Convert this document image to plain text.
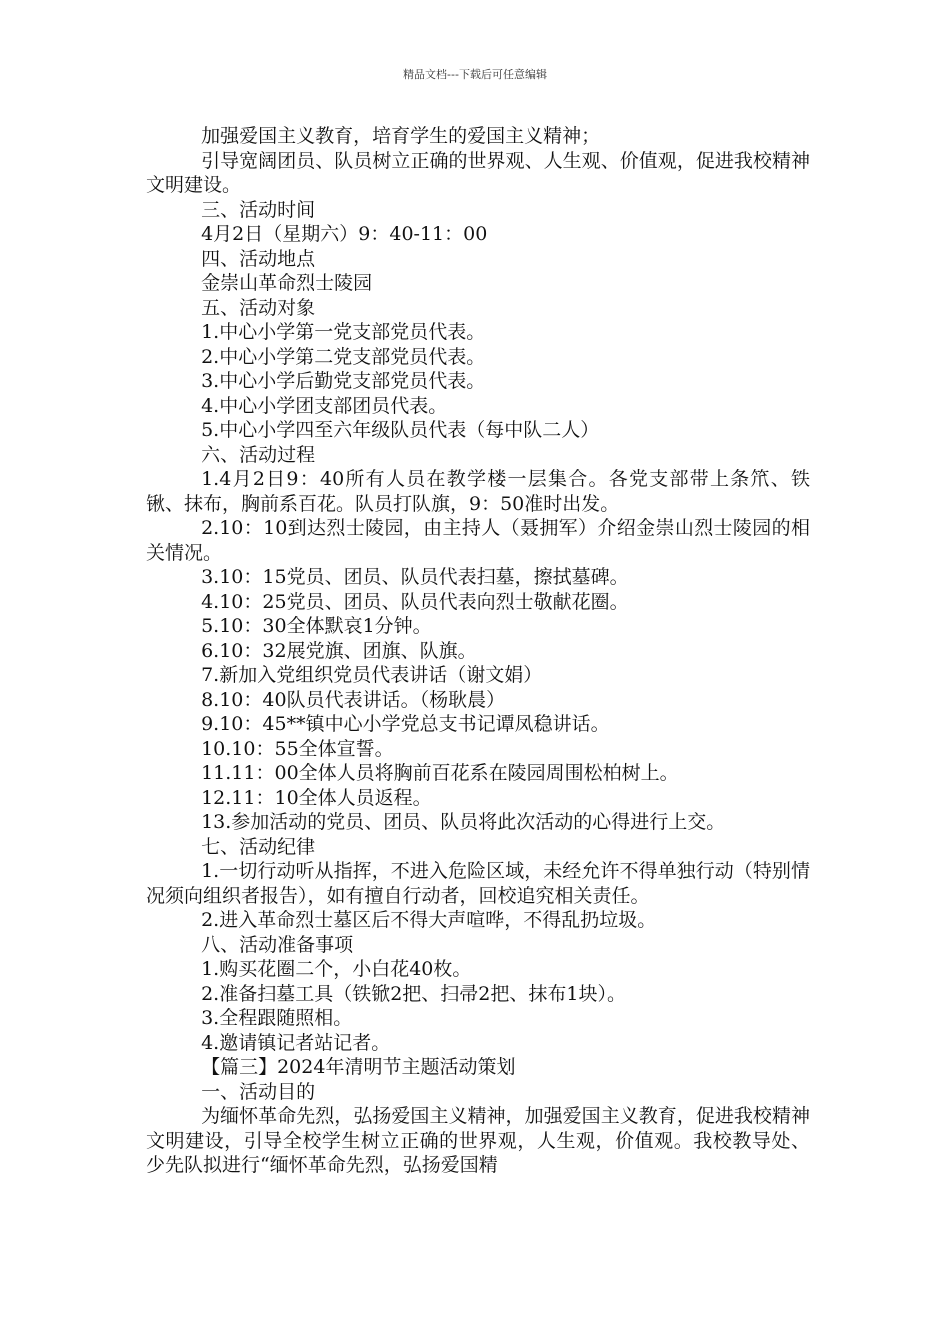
精品文档---下载后可任意编辑

加强爱国主义教育，培育学生的爱国主义精神；

引导宽阔团员、队员树立正确的世界观、人生观、价值观，促进我校精神文明建设。

三、活动时间

4月2日（星期六）9：40-11：00

四、活动地点

金崇山革命烈士陵园

五、活动对象

1.中心小学第一党支部党员代表。

2.中心小学第二党支部党员代表。

3.中心小学后勤党支部党员代表。

4.中心小学团支部团员代表。

5.中心小学四至六年级队员代表（每中队二人）

六、活动过程

1.4月2日9：40所有人员在教学楼一层集合。各党支部带上条笊、铁锹、抹布，胸前系百花。队员打队旗，9：50准时出发。

2.10：10到达烈士陵园，由主持人（聂拥军）介绍金崇山烈士陵园的相关情况。

3.10：15党员、团员、队员代表扫墓，擦拭墓碑。

4.10：25党员、团员、队员代表向烈士敬献花圈。

5.10：30全体默哀1分钟。

6.10：32展党旗、团旗、队旗。

7.新加入党组织党员代表讲话（谢文娟）

8.10：40队员代表讲话。（杨耿晨）

9.10：45**镇中心小学党总支书记谭凤稳讲话。

10.10：55全体宣誓。

11.11：00全体人员将胸前百花系在陵园周围松柏树上。

12.11：10全体人员返程。

13.参加活动的党员、团员、队员将此次活动的心得进行上交。

七、活动纪律

1.一切行动听从指挥，不进入危险区域，未经允许不得单独行动（特别情况须向组织者报告），如有擅自行动者，回校追究相关责任。

2.进入革命烈士墓区后不得大声喧哗，不得乱扔垃圾。

八、活动准备事项

1.购买花圈二个，小白花40枚。

2.准备扫墓工具（铁锨2把、扫帚2把、抹布1块）。

3.全程跟随照相。

4.邀请镇记者站记者。

【篇三】2024年清明节主题活动策划

一、活动目的

为缅怀革命先烈，弘扬爱国主义精神，加强爱国主义教育，促进我校精神文明建设，引导全校学生树立正确的世界观，人生观，价值观。我校教导处、少先队拟进行“缅怀革命先烈，弘扬爱国精
